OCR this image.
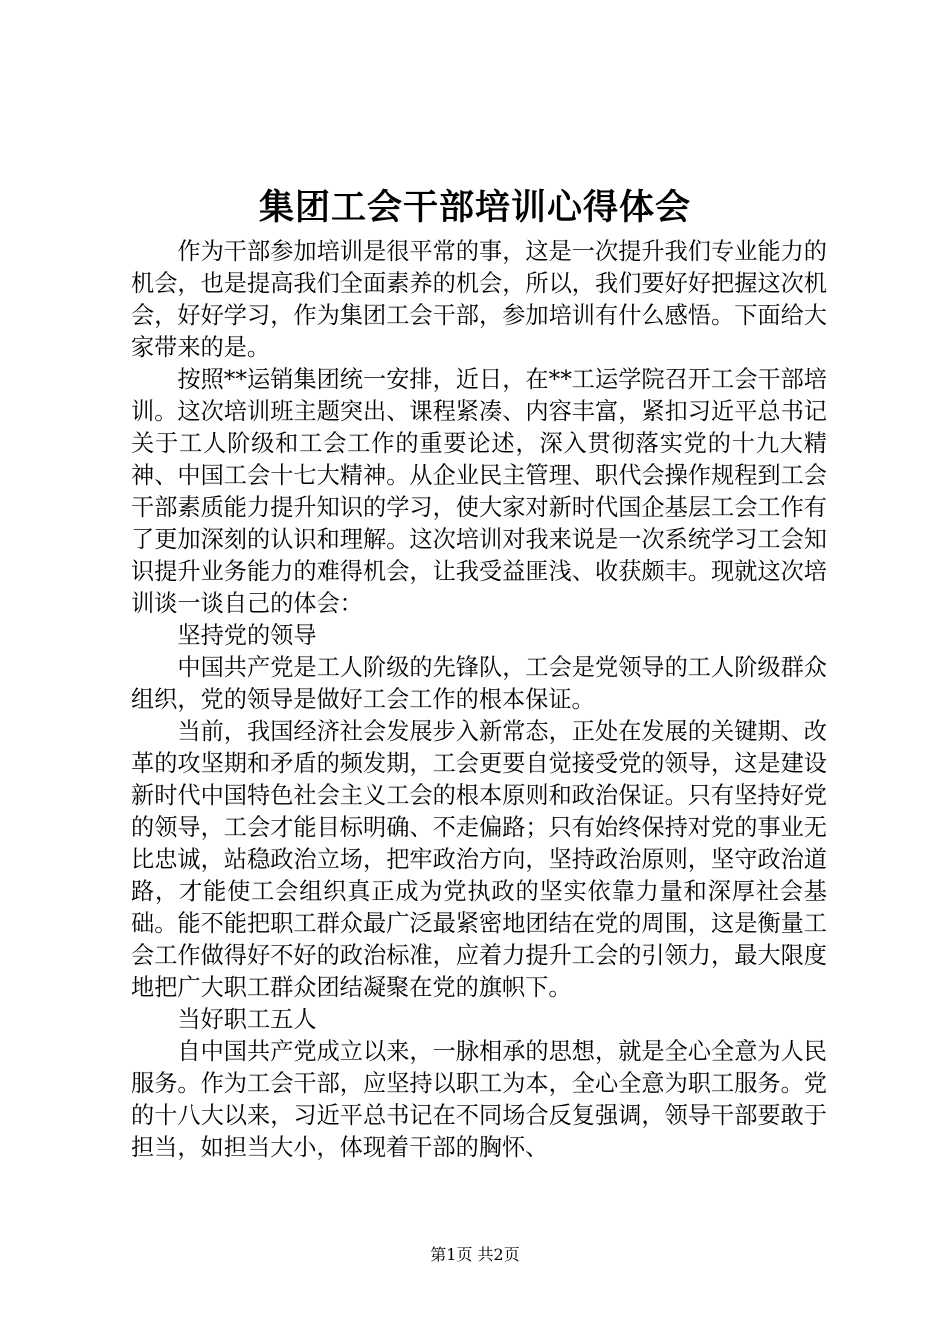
集团工会干部培训心得体会

作为干部参加培训是很平常的事，这是一次提升我们专业能力的机会，也是提高我们全面素养的机会，所以，我们要好好把握这次机会，好好学习，作为集团工会干部，参加培训有什么感悟。下面给大家带来的是。

按照**运销集团统一安排，近日，在**工运学院召开工会干部培训。这次培训班主题突出、课程紧凑、内容丰富，紧扣习近平总书记关于工人阶级和工会工作的重要论述，深入贯彻落实党的十九大精神、中国工会十七大精神。从企业民主管理、职代会操作规程到工会干部素质能力提升知识的学习，使大家对新时代国企基层工会工作有了更加深刻的认识和理解。这次培训对我来说是一次系统学习工会知识提升业务能力的难得机会，让我受益匪浅、收获颇丰。现就这次培训谈一谈自己的体会：

坚持党的领导

中国共产党是工人阶级的先锋队，工会是党领导的工人阶级群众组织，党的领导是做好工会工作的根本保证。

当前，我国经济社会发展步入新常态，正处在发展的关键期、改革的攻坚期和矛盾的频发期，工会更要自觉接受党的领导，这是建设新时代中国特色社会主义工会的根本原则和政治保证。只有坚持好党的领导，工会才能目标明确、不走偏路；只有始终保持对党的事业无比忠诚，站稳政治立场，把牢政治方向，坚持政治原则，坚守政治道路，才能使工会组织真正成为党执政的坚实依靠力量和深厚社会基础。能不能把职工群众最广泛最紧密地团结在党的周围，这是衡量工会工作做得好不好的政治标准，应着力提升工会的引领力，最大限度地把广大职工群众团结凝聚在党的旗帜下。

当好职工五人

自中国共产党成立以来，一脉相承的思想，就是全心全意为人民服务。作为工会干部，应坚持以职工为本，全心全意为职工服务。党的十八大以来，习近平总书记在不同场合反复强调，领导干部要敢于担当，如担当大小，体现着干部的胸怀、

第1页 共2页
